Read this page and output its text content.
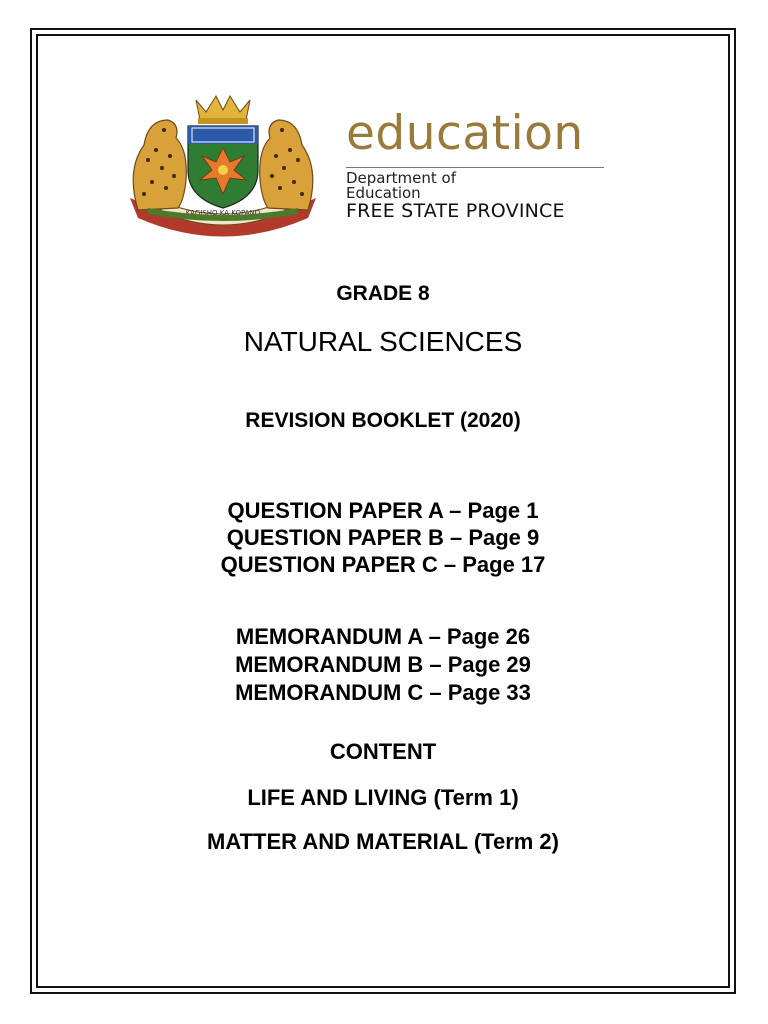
KAGISHO KA KOPANO
education
Department of
Education
FREE STATE PROVINCE
GRADE 8
NATURAL SCIENCES
REVISION BOOKLET (2020)
QUESTION PAPER A – Page 1
QUESTION PAPER B – Page 9
QUESTION PAPER C – Page 17
MEMORANDUM A – Page 26
MEMORANDUM B – Page 29
MEMORANDUM C – Page 33
CONTENT
LIFE AND LIVING (Term 1)
MATTER AND MATERIAL (Term 2)
